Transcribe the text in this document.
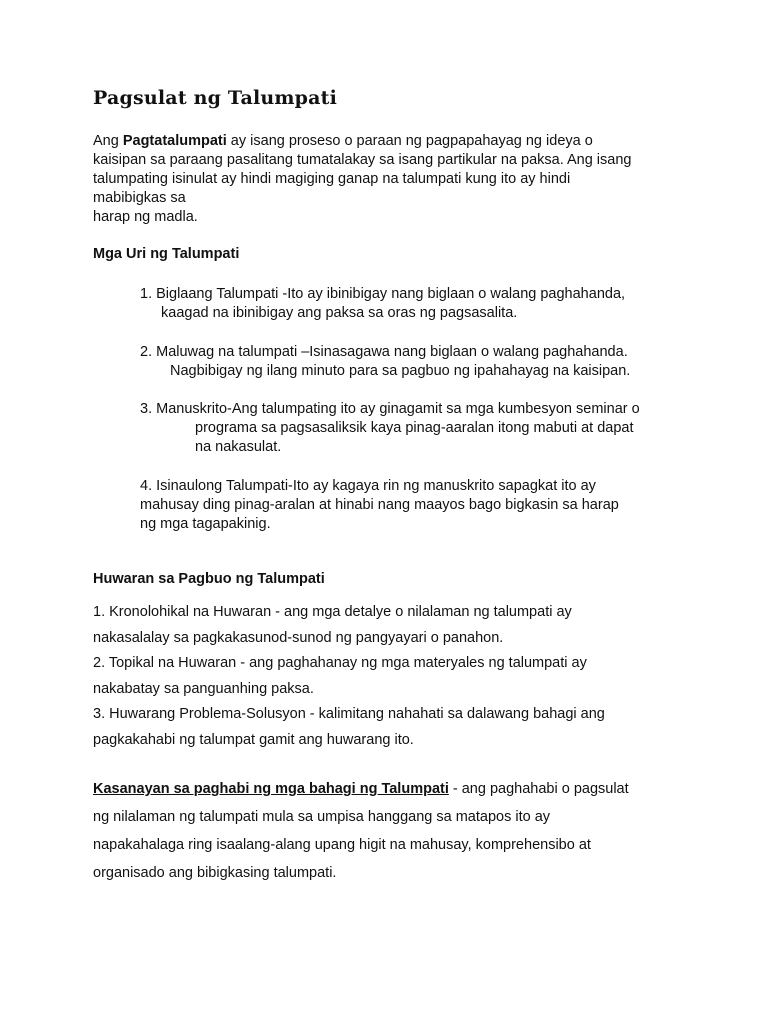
Pagsulat ng Talumpati

Ang Pagtatalumpati ay isang proseso o paraan ng pagpapahayag ng ideya o
kaisipan sa paraang pasalitang tumatalakay sa isang partikular na paksa. Ang isang
talumpating isinulat ay hindi magiging ganap na talumpati kung ito ay hindi
mabibigkas sa
harap ng madla.

Mga Uri ng Talumpati
1. Biglaang Talumpati -Ito ay ibinibigay nang biglaan o walang paghahanda,
kaagad na ibinibigay ang paksa sa oras ng pagsasalita.
2. Maluwag na talumpati –Isinasagawa nang biglaan o walang paghahanda.
Nagbibigay ng ilang minuto para sa pagbuo ng ipahahayag na kaisipan.
3. Manuskrito-Ang talumpating ito ay ginagamit sa mga kumbesyon seminar o
programa sa pagsasaliksik kaya pinag-aaralan itong mabuti at dapat
na nakasulat.
4. Isinaulong Talumpati-Ito ay kagaya rin ng manuskrito sapagkat ito ay
mahusay ding pinag-aralan at hinabi nang maayos bago bigkasin sa harap
ng mga tagapakinig.
Huwaran sa Pagbuo ng Talumpati
1. Kronolohikal na Huwaran - ang mga detalye o nilalaman ng talumpati ay
nakasalalay sa pagkakasunod-sunod ng pangyayari o panahon.
2. Topikal na Huwaran - ang paghahanay ng mga materyales ng talumpati ay
nakabatay sa panguanhing paksa.
3. Huwarang Problema-Solusyon - kalimitang nahahati sa dalawang bahagi ang
pagkakahabi ng talumpat gamit ang huwarang ito.
Kasanayan sa paghabi ng mga bahagi ng Talumpati - ang paghahabi o pagsulat
ng nilalaman ng talumpati mula sa umpisa hanggang sa matapos ito ay
napakahalaga ring isaalang-alang upang higit na mahusay, komprehensibo at
organisado ang bibigkasing talumpati.
